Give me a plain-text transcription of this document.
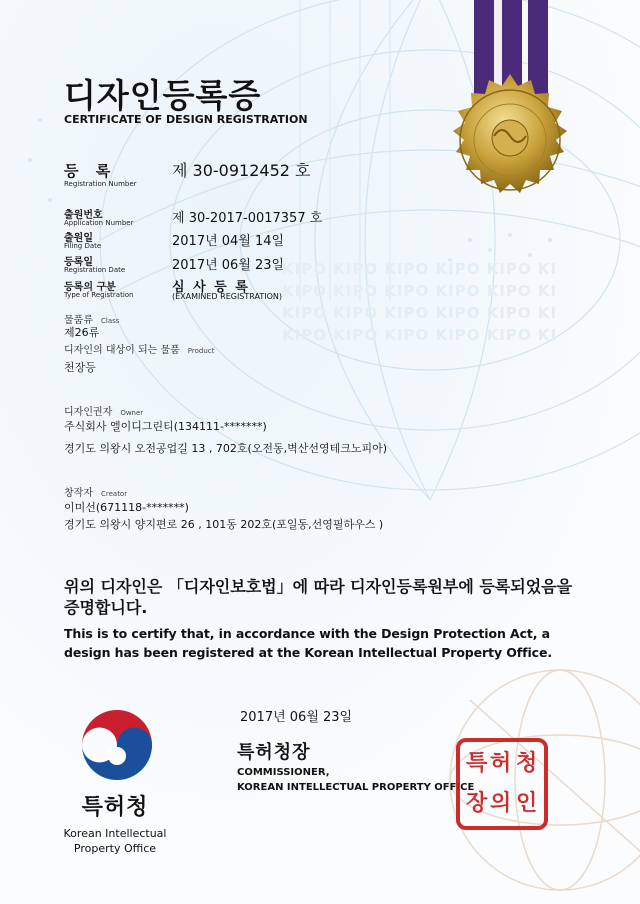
KIPO KIPO KIPO KIPO KIPO KI
KIPO KIPO KIPO KIPO KIPO KI
KIPO KIPO KIPO KIPO KIPO KI
KIPO KIPO KIPO KIPO KIPO KI
디자인등록증
CERTIFICATE OF DESIGN REGISTRATION
등 록
Registration Number
제 30-0912452 호
출원번호
Application Number	제 30-2017-0017357 호
출원일
Filing Date	2017년 04월 14일
등록일
Registration Date	2017년 06월 23일
등록의 구분
Type of Registration	심 사 등 록
(EXAMINED REGISTRATION)
물품류 Class
제26류
디자인의 대상이 되는 물품 Product
천장등
디자인권자 Owner
주식회사 엘이디그린티(134111-*******)
경기도 의왕시 오전공업길 13 , 702호(오전동,벽산선영테크노피아)
창작자 Creator
이미선(671118-*******)
경기도 의왕시 양지편로 26 , 101동 202호(포일동,선영필하우스 )
위의 디자인은 「디자인보호법」에 따라 디자인등록원부에 등록되었음을 증명합니다.
This is to certify that, in accordance with the Design Protection Act, a design has been registered at the Korean Intellectual Property Office.
2017년 06월 23일
특허청장
COMMISSIONER,
KOREAN INTELLECTUAL PROPERTY OFFICE
특 허 청
장 의 인
특허청
Korean Intellectual
Property Office
